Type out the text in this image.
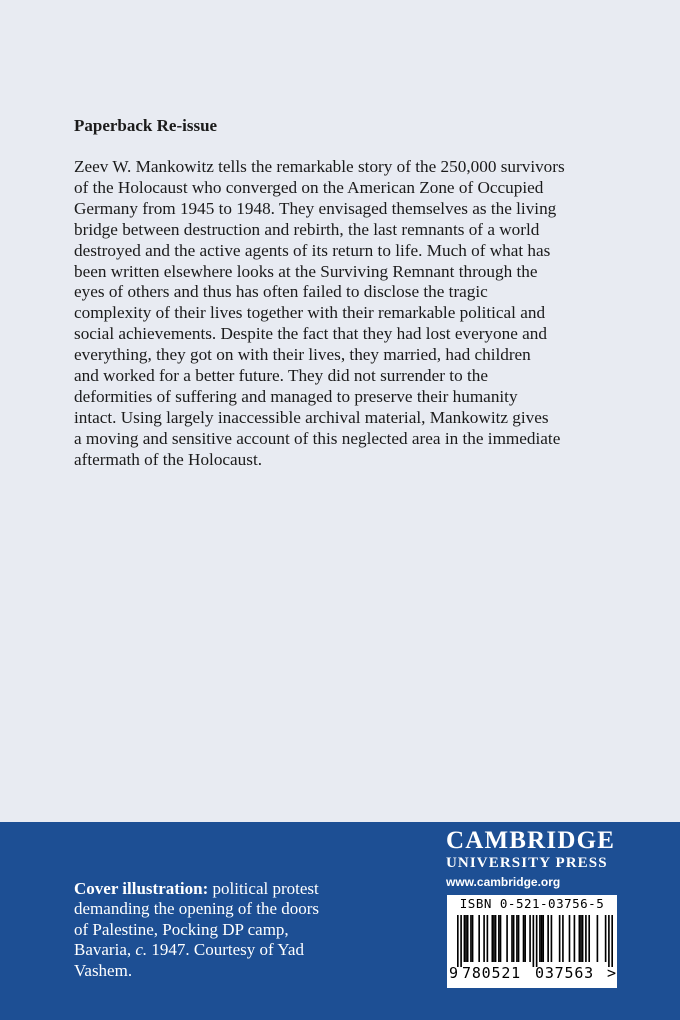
Paperback Re-issue
Zeev W. Mankowitz tells the remarkable story of the 250,000 survivors
of the Holocaust who converged on the American Zone of Occupied
Germany from 1945 to 1948. They envisaged themselves as the living
bridge between destruction and rebirth, the last remnants of a world
destroyed and the active agents of its return to life. Much of what has
been written elsewhere looks at the Surviving Remnant through the
eyes of others and thus has often failed to disclose the tragic
complexity of their lives together with their remarkable political and
social achievements. Despite the fact that they had lost everyone and
everything, they got on with their lives, they married, had children
and worked for a better future. They did not surrender to the
deformities of suffering and managed to preserve their humanity
intact. Using largely inaccessible archival material, Mankowitz gives
a moving and sensitive account of this neglected area in the immediate
aftermath of the Holocaust.
Cover illustration: political protest
demanding the opening of the doors
of Palestine, Pocking DP camp,
Bavaria, c. 1947. Courtesy of Yad
Vashem.
CAMBRIDGE
UNIVERSITY PRESS
www.cambridge.org
ISBN 0-521-03756-5
9 780521 037563 >
